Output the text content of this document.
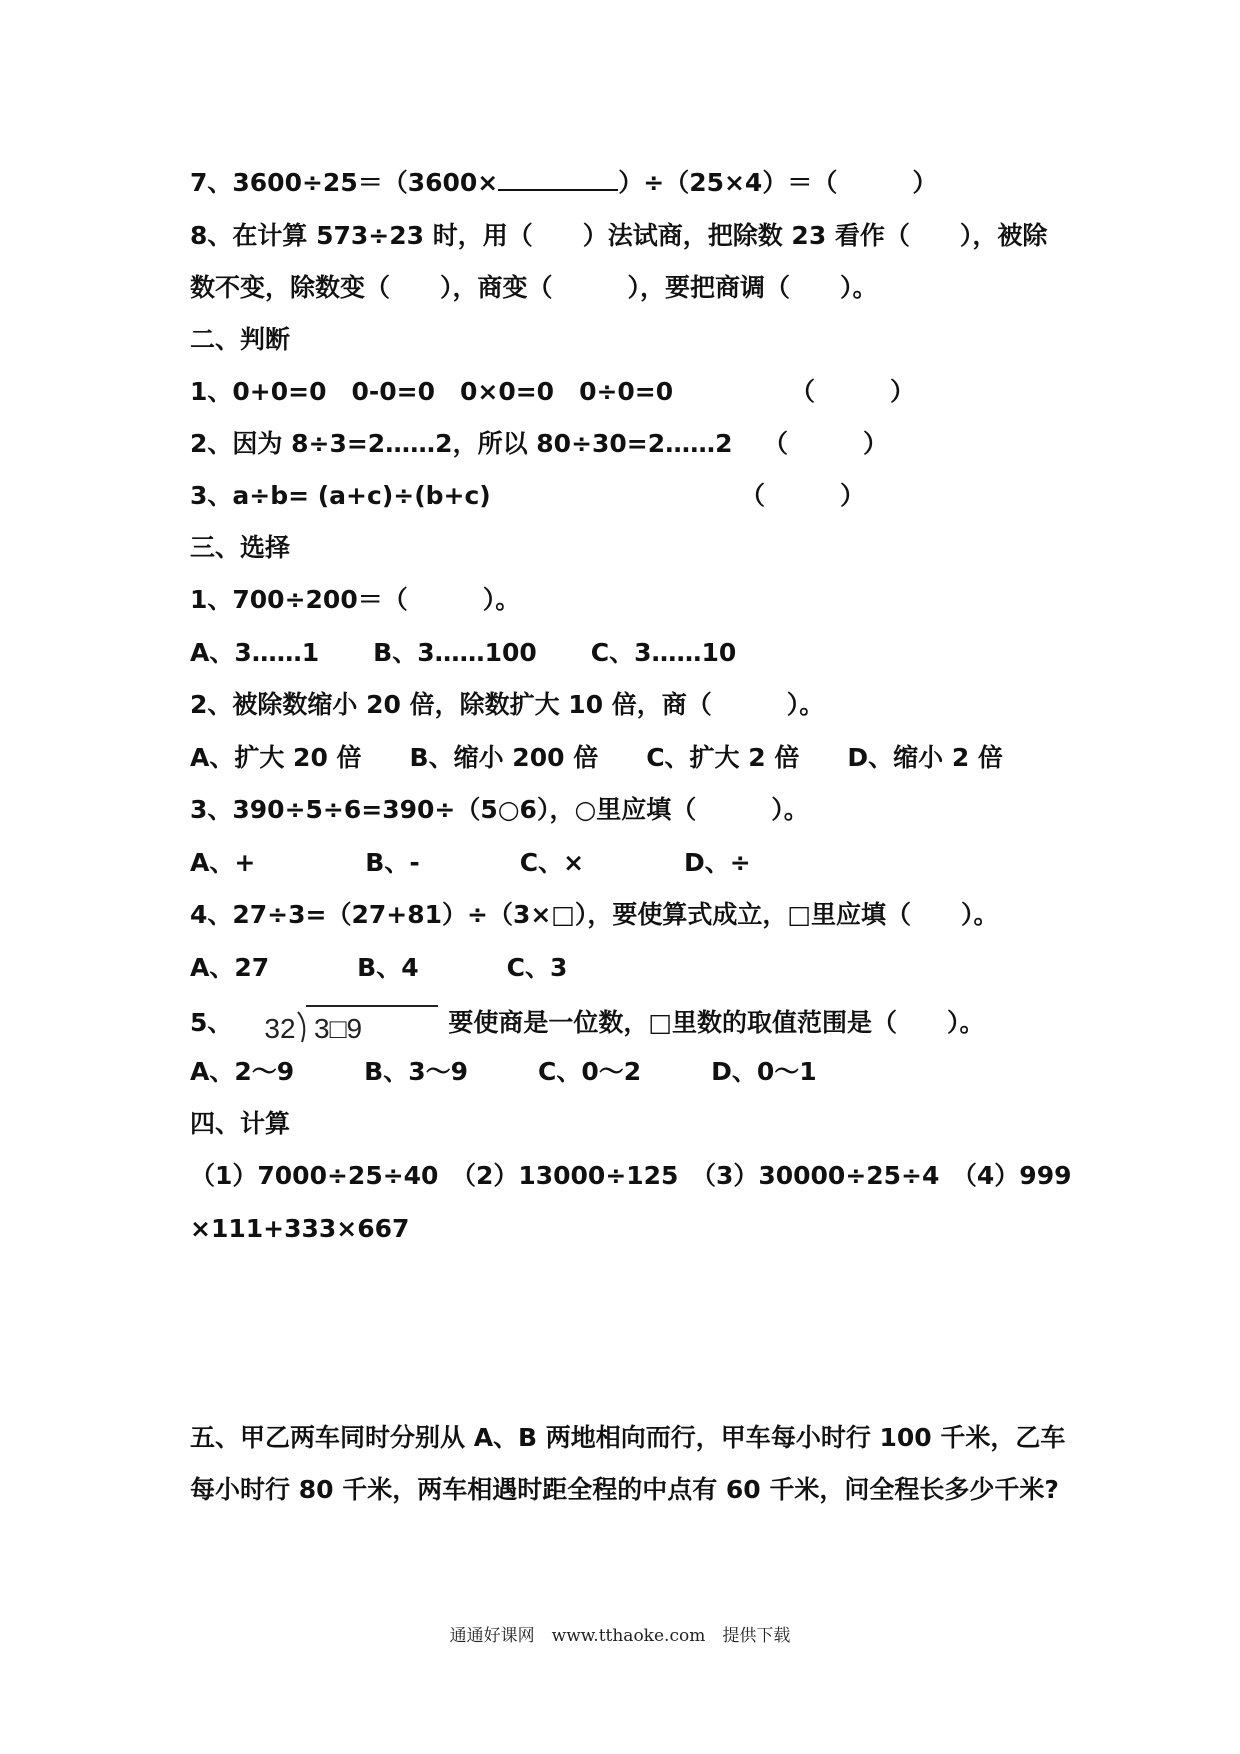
7、3600÷25＝（3600×	）÷（25×4）＝（　　　）
8、在计算 573÷23 时，用（　　）法试商，把除数 23 看作（　　），被除
数不变，除数变（　　），商变（　　　），要把商调（　　）。
二、判断
1、0+0=0　0-0=0　0×0=0　0÷0=0	（　　　）
2、因为 8÷3=2……2，所以 80÷30=2……2	（　　　）
3、a÷b= (a+c)÷(b+c)	（　　　）
三、选择
1、700÷200＝（　　　）。
A、3……1 B、3……100 C、3……10
2、被除数缩小 20 倍，除数扩大 10 倍，商（　　　）。
A、扩大 20 倍 B、缩小 200 倍 C、扩大 2 倍 D、缩小 2 倍
3、390÷5÷6=390÷（5○6），○里应填（　　　）。
A、+	B、-	C、×	D、÷
4、27÷3=（27+81）÷（3×□），要使算式成立，□里应填（　　）。
A、27	B、4	C、3
5、 32 3□9	要使商是一位数，□里数的取值范围是（　　）。
A、2～9	B、3～9	C、0～2	D、0～1
四、计算
（1）7000÷25÷40　（2）13000÷125　（3）30000÷25÷4　（4）999
×111+333×667
五、甲乙两车同时分别从 A、B 两地相向而行，甲车每小时行 100 千米，乙车
每小时行 80 千米，两车相遇时距全程的中点有 60 千米，问全程长多少千米?
通通好课网　www.tthaoke.com　提供下载
